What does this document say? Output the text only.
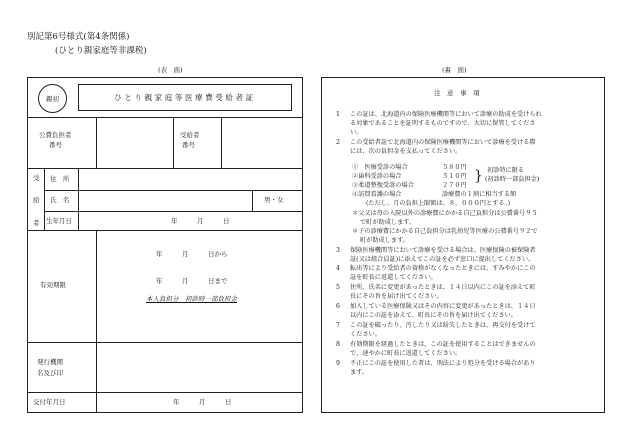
別記第6号様式(第4条関係)
(ひとり親家庭等非課税)
(表　面)	(裏　面)
親初	ひとり親家庭等医療費受給者証
公費負担者
番号
受給者
番号
受
給
者
住　所
氏　名	男・女
生年月日	年　　　月　　　日
有効期限
年　　　月　　　日から
年　　　月　　　日まで
本人負担分　初診時一部負担金
発行機関
名及び印
交付年月日	年　　　月　　　日
注　意　事　項
1 この証は、北海道内の保険医療機関等において診療の助成を受けられ
る対象であることを証明するものですので、大切に保管してくださ
い。
2 この受給者証で北海道内の保険医療機関等において診療を受ける際
には、次の負担金を支払ってください。
①　医療受診の場合	５８０円
②歯科受診の場合	５１０円
③柔道整復受診の場合	２７０円
} 初診時に限る
(初診時一部負担金)
④訪問看護の場合	診療費の１割に相当する額
(ただし、月の負担上限額は、８，０００円とする。)
＊父又は母の入院以外の診療費にかかる自己負担分は公費番号９５
で町が助成します。
＊子の診療費にかかる自己負担分は乳幼児等医療の公費番号９２で
町が助成します。
3 保険医療機関等において診療を受ける場合は、医療保険の被保険者
証(又は組合員証)に添えてこの証を必ず窓口に提出してください。
4 転出等により受給者の資格がなくなったときには、すみやかにこの
証を町長に返還してください。
5 住所、氏名に変更があったときは、１４日以内にこの証を添えて町
長にその旨を届け出てください。
6 加入している医療保険又はその内容に変更があったときは、１４日
以内にこの証を添えて、町長にその旨を届け出てください。
7 この証を破ったり、汚したり又は紛失したときは、再交付を受けて
ください。
8 有効期限を経過したときは、この証を使用することはできませんの
で、速やかに町長に返還してください。
9 不正にこの証を使用した者は、刑法により処分を受ける場合があり
ます。
